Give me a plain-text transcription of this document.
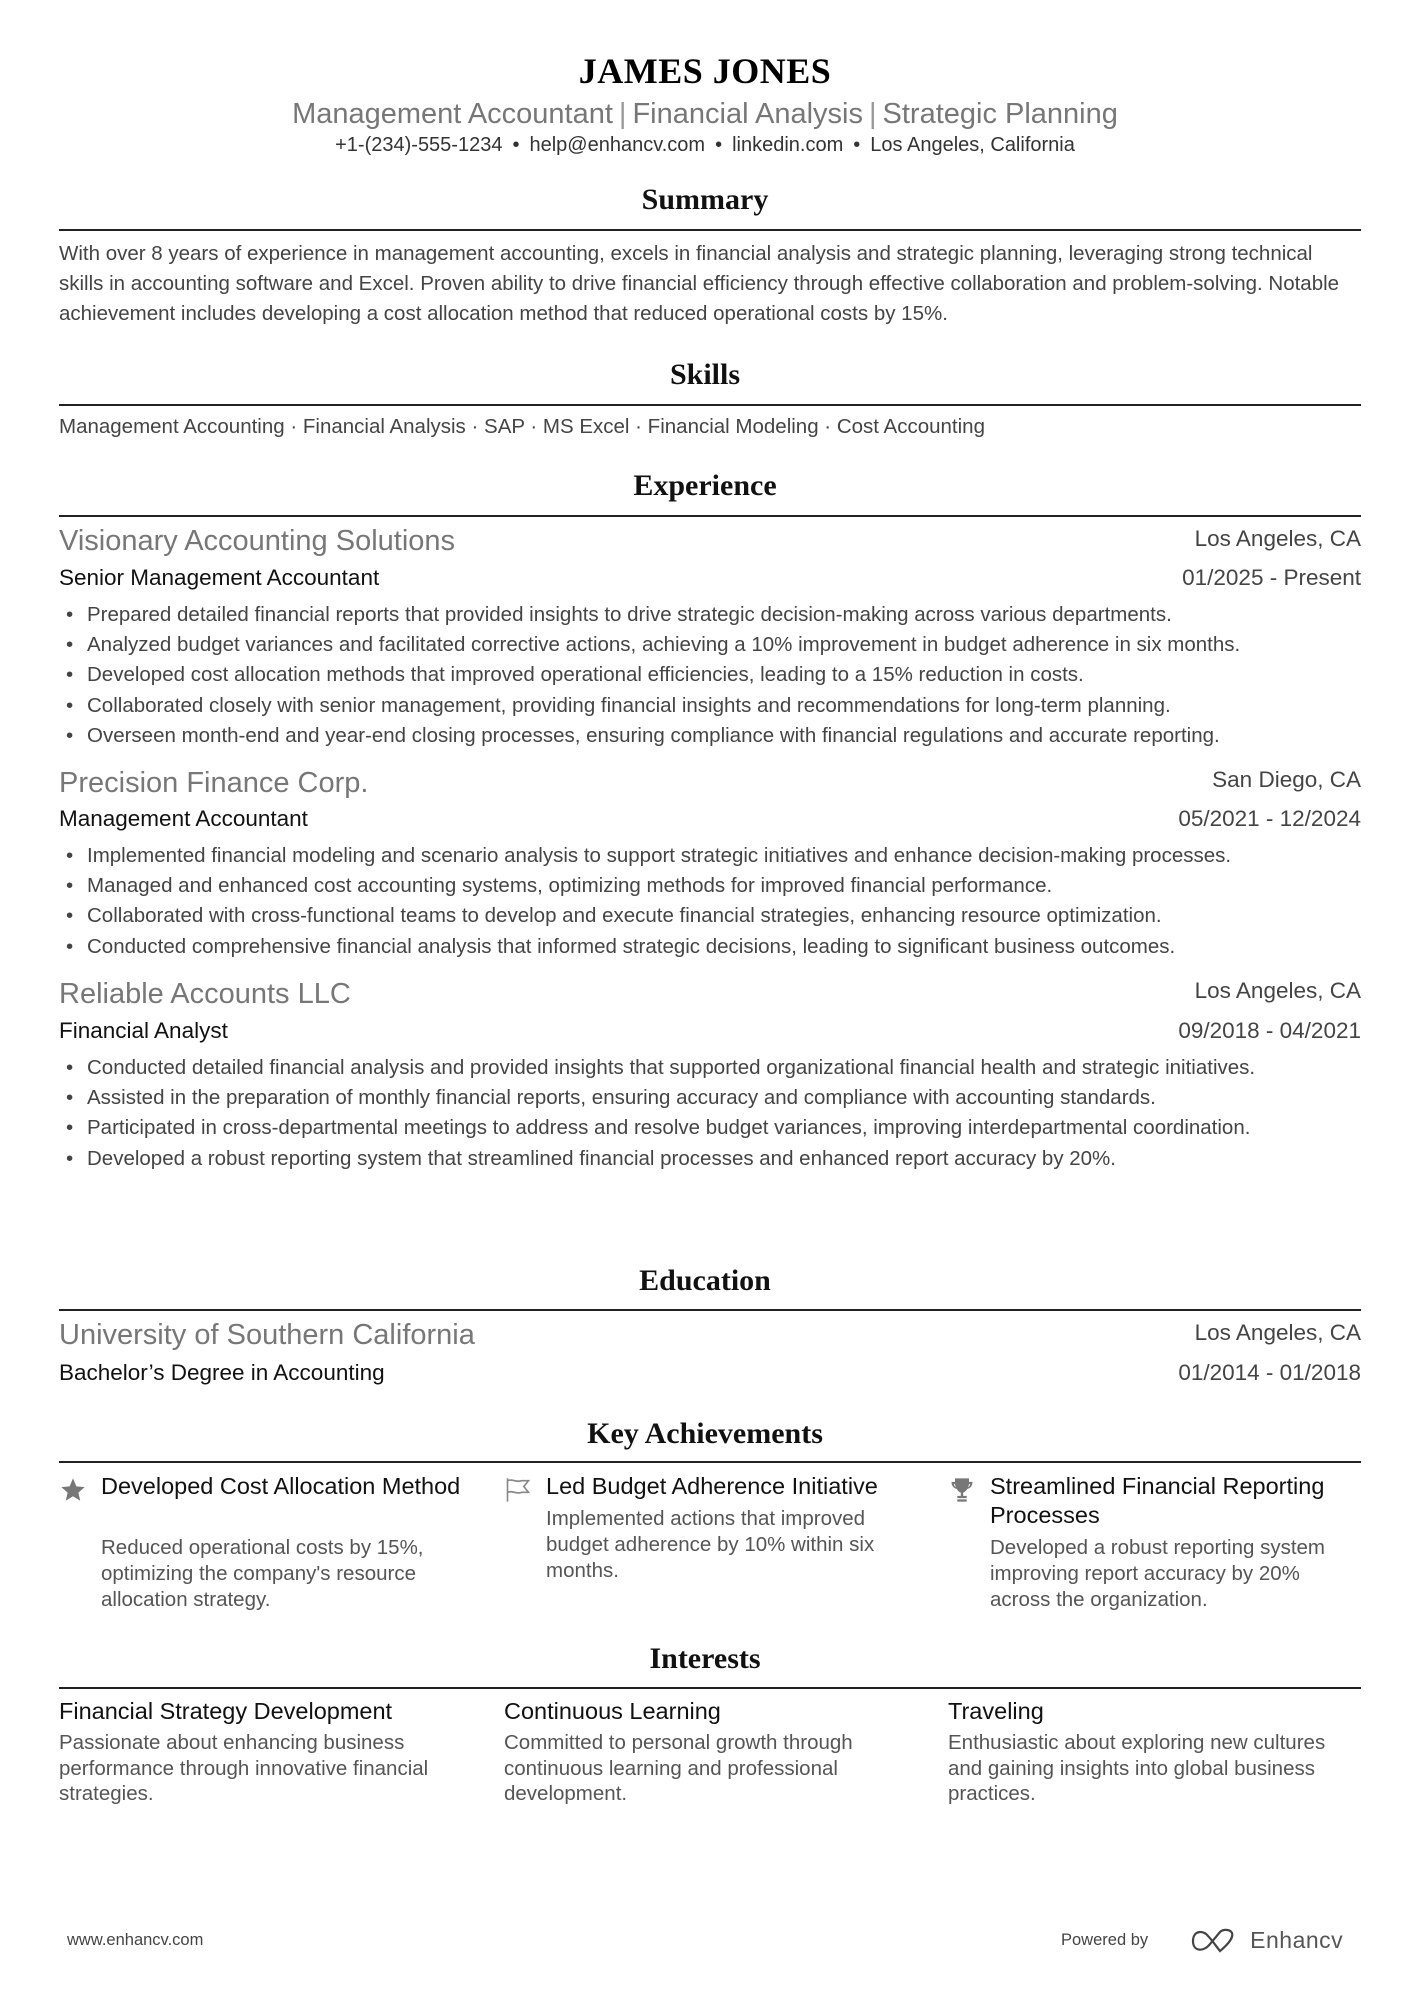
JAMES JONES
Management Accountant | Financial Analysis | Strategic Planning
+1-(234)-555-1234 • help@enhancv.com • linkedin.com • Los Angeles, California
Summary
With over 8 years of experience in management accounting, excels in financial analysis and strategic planning, leveraging strong technical skills in accounting software and Excel. Proven ability to drive financial efficiency through effective collaboration and problem-solving. Notable achievement includes developing a cost allocation method that reduced operational costs by 15%.
Skills
Management Accounting · Financial Analysis · SAP · MS Excel · Financial Modeling · Cost Accounting
Experience
Visionary Accounting Solutions	Los Angeles, CA
Senior Management Accountant	01/2025 - Present
• Prepared detailed financial reports that provided insights to drive strategic decision-making across various departments.
• Analyzed budget variances and facilitated corrective actions, achieving a 10% improvement in budget adherence in six months.
• Developed cost allocation methods that improved operational efficiencies, leading to a 15% reduction in costs.
• Collaborated closely with senior management, providing financial insights and recommendations for long-term planning.
• Overseen month-end and year-end closing processes, ensuring compliance with financial regulations and accurate reporting.
Precision Finance Corp.	San Diego, CA
Management Accountant	05/2021 - 12/2024
• Implemented financial modeling and scenario analysis to support strategic initiatives and enhance decision-making processes.
• Managed and enhanced cost accounting systems, optimizing methods for improved financial performance.
• Collaborated with cross-functional teams to develop and execute financial strategies, enhancing resource optimization.
• Conducted comprehensive financial analysis that informed strategic decisions, leading to significant business outcomes.
Reliable Accounts LLC	Los Angeles, CA
Financial Analyst	09/2018 - 04/2021
• Conducted detailed financial analysis and provided insights that supported organizational financial health and strategic initiatives.
• Assisted in the preparation of monthly financial reports, ensuring accuracy and compliance with accounting standards.
• Participated in cross-departmental meetings to address and resolve budget variances, improving interdepartmental coordination.
• Developed a robust reporting system that streamlined financial processes and enhanced report accuracy by 20%.
Education
University of Southern California	Los Angeles, CA
Bachelor’s Degree in Accounting	01/2014 - 01/2018
Key Achievements
Developed Cost Allocation Method
Reduced operational costs by 15%, optimizing the company's resource allocation strategy.
Led Budget Adherence Initiative
Implemented actions that improved budget adherence by 10% within six months.
Streamlined Financial Reporting Processes
Developed a robust reporting system improving report accuracy by 20% across the organization.
Interests
Financial Strategy Development
Passionate about enhancing business performance through innovative financial strategies.
Continuous Learning
Committed to personal growth through continuous learning and professional development.
Traveling
Enthusiastic about exploring new cultures and gaining insights into global business practices.
www.enhancv.com	Powered by	Enhancv
